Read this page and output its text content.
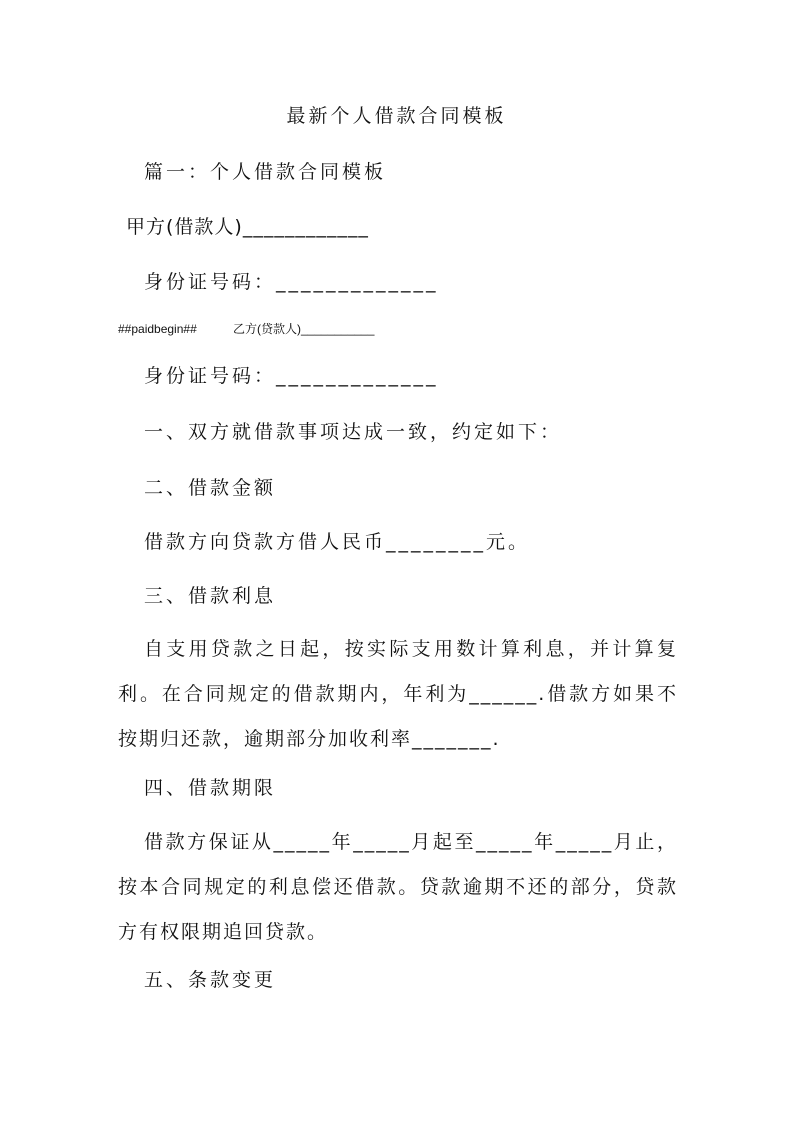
最新个人借款合同模板
篇一：个人借款合同模板
甲方(借款人)____________
身份证号码：_____________
##paidbegin##	乙方(贷款人)___________
身份证号码：_____________
一、双方就借款事项达成一致，约定如下：
二、借款金额
借款方向贷款方借人民币________元。
三、借款利息
自支用贷款之日起，按实际支用数计算利息，并计算复利。在合同规定的借款期内，年利为______.借款方如果不按期归还款，逾期部分加收利率_______.
四、借款期限
借款方保证从_____年_____月起至_____年_____月止，按本合同规定的利息偿还借款。贷款逾期不还的部分，贷款方有权限期追回贷款。
五、条款变更
